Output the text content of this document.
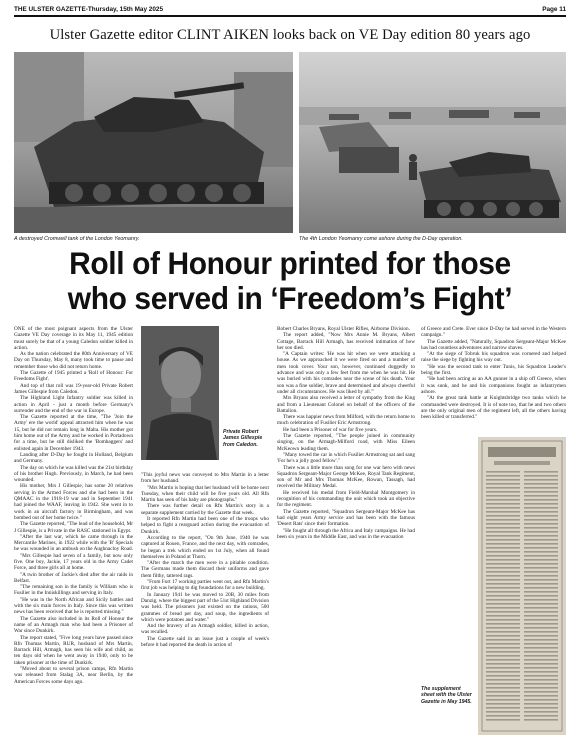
THE ULSTER GAZETTE-Thursday, 15th May 2025	Page 11
Ulster Gazette editor
CLINT AIKEN
looks back on VE Day edition 80 years ago
A destroyed Cromwell tank of the London Yeomanry.	The 4th London Yeomanry come ashore during the D-Day operation.
Roll of Honour printed for those
who served in ‘Freedom’s Fight’

ONE of the most poignant aspects from the Ulster Gazette VE Day coverage in its May 11, 1945 edition must surely be that of a young Caledon soldier killed in action.

As the nation celebrated the 80th Anniversary of VE Day on Thursday, May 8, many took time to pause and remember those who did not return home.

The Gazette of 1945 printed a 'Roll of Honour: For Freedoms Fight'.

And top of that roll was 19-year-old Private Robert James Gillespie from Caledon.

The Highland Light Infantry soldier was killed in action in April - just a month before Germany's surrender and the end of the war in Europe.

The Gazette reported at the time, "The 'Join the Army' ere the world' appeal attracted him when he was 15, but he did not remain long in Malta. His mother got him home out of the Army and he worked in Portadown for a time, but he still disliked the 'Bombaggers' and enlisted again in December 1943.

Landing after D-Day he fought in Holland, Belgium and Germany.

The day on which he was killed was the 21st birthday of his brother Hugh. Previously, in March, he had been wounded.

His mother, Mrs J Gillespie, has some 20 relatives serving in the Armed Forces and she had been in the QMAAC in the 1918-19 war and in September 1941 had joined the WAAF, leaving in 1942. She went in to work in an aircraft factory in Birmingham, and was bombed out of her home twice."

The Gazette reported, "The lead of the household, Mr J Gillespie, is a Private in the RASC stationed in Egypt.

"After the last war, which he came through in the Mercantile Marines, in 1922 while with the 'B' Specials he was wounded in an ambush on the Aughnacloy Road.

"Mrs Gillespie had seven of a family, but now only five. One boy, Jackie, 17 years old in the Army Cadet Force, and three girls all at home.

"A twin brother of Jackie's died after the air raids in Belfast.

"The remaining son in the family is William who is Fusilier in the Inniskillings and serving in Italy.

"He was in the North African and Sicily battles and with the six main forces in Italy. Since this was written news has been received that he is reported missing."

The Gazette also included in its Roll of Honour the name of an Armagh man who had been a Prisoner of War since Dunkirk.

The report stated, "Five long years have passed since Rfn Thomas Martin, RUR, husband of Mrs Martin, Barrack Hill, Armagh, has seen his wife and child, as ten days old when he went away in 1940, only to be taken prisoner at the time of Dunkirk.

"Moved about to several prison camps, Rfn Martin was released from Stalag 3A, near Berlin, by the American Forces some days ago.

Private Robert James Gillespie from Caledon.

"This joyful news was conveyed to Mrs Martin in a letter from her husband.

"Mrs Martin is hoping that her husband will be home next Tuesday, when their child will be five years old. All Rfn Martin has seen of his baby are photographs."

There was further detail on Rfn Martin's story in a separate supplement carried by the Gazette that week.

It reported Rfn Martin had been one of the troops who helped to fight a rearguard action during the evacuation of Dunkirk.

According to the report, "On 9th June, 1940 he was captured at Rouen, France, and the next day, with comrades, he began a trek which ended on 1st July, when all found themselves in Poland at Thorn.

"After the march the men were in a pitiable condition. The Germans made them discard their uniforms and gave them filthy, tattered rags.

"From Fort 17 working parties went out, and Rfn Martin's first job was helping to dig foundations for a new building.

In January 1941 he was moved to 20B, 30 miles from Danzig, where the biggest part of the 51st Highland Division was held. The prisoners just existed on the rations, 500 grammes of bread per day, and soup, the ingredients of which were potatoes and water."

And the bravery of an Armagh soldier, killed in action, was recalled.

The Gazette said in an issue just a couple of week's before it had reported the death in action of

Robert Charles Bryans, Royal Ulster Rifles, Airborne Division.

The report added, "Now Mrs Annie M. Bryans, Albert Cottage, Barrack Hill Armagh, has received intimation of how her son died.

"A Captain writes: 'He was hit when we were attacking a house. As we approached it we were fired on and a number of men took cover. Your son, however, continued doggedly to advance and was only a few feet from me when he was hit. He was buried with his comrades near the scene of his death. Your son was a fine soldier, brave and determined and always cheerful under all circumstances. He was liked by all.'"

Mrs Bryans also received a letter of sympathy from the King and from a Lieutenant Colonel on behalf of the officers of the Battalion.

There was happier news from Milford, with the return home to much celebration of Fusilier Eric Armstrong.

He had been a Prisoner of war for five years.

The Gazette reported, "The people joined in community singing, on the Armagh-Milford road, with Miss Eileen McKeown leading them.

"Many towed the car in which Fusilier Armstrong sat and sang 'For he's a jolly good fellow'."

There was a little more than song for one war hero with news Squadron Sergeant-Major George McKee, Royal Tank Regiment, son of Mr and Mrs Thomas McKee, Rowan, Tassagh, had received the Military Medal.

He received his medal from Field-Marshal Montgomery in recognition of his commanding the unit which took an objective for the regiment.

The Gazette reported, "Squadron Sergeant-Major McKee has had eight years Army service and has been with the famous 'Desert Rats' since their formation.

"He fought all through the Africa and Italy campaigns. He had been six years in the Middle East, and was in the evacuation

of Greece and Crete. Ever since D-Day he had served in the Western campaign."

The Gazette added, "Naturally, Squadron Sergeant-Major McKee has had countless adventures and narrow shaves.

"At the siege of Tobruk his squadron was cornered and helped raise the siege by fighting his way out.

"He was the second tank to enter Tunis, his Squadron Leader's being the first.

"He had been acting as an AA gunner in a ship off Greece, when it was sunk, and he and his companions fought as infantrymen ashore.

"At the great tank battle at Knightsbridge two tanks which he commanded were destroyed. It is of note too, that he and two others are the only original men of the regiment left, all the others having been killed or transferred."

The supplement sheet with the Ulster Gazette in May 1945.
